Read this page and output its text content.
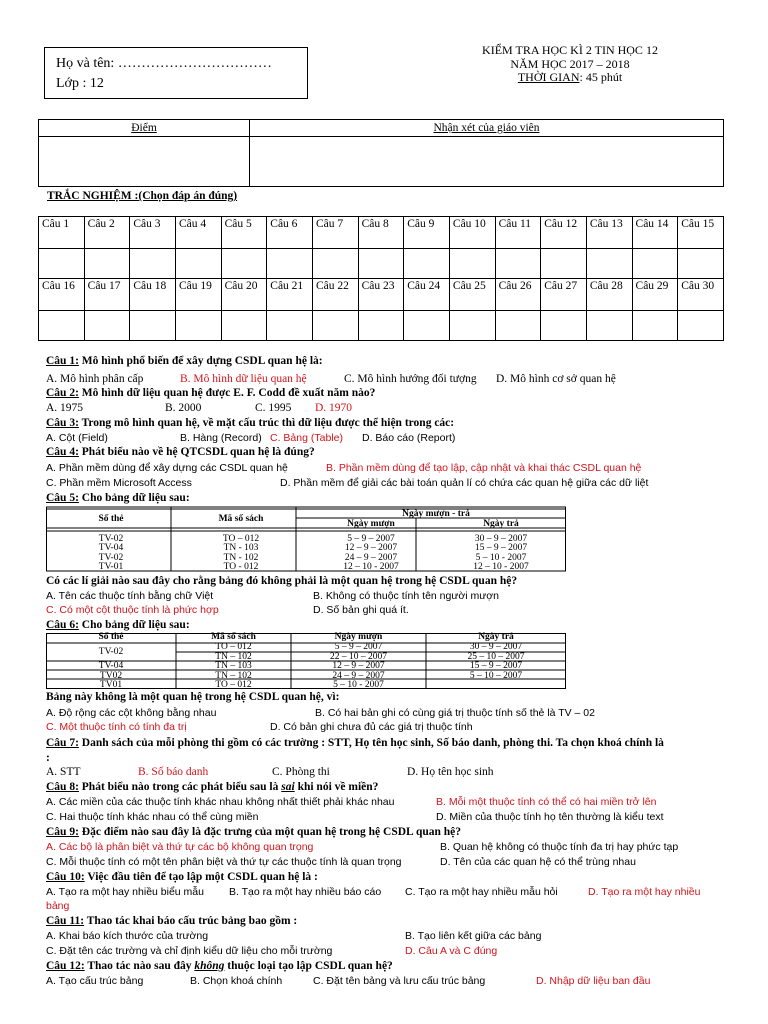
Họ và tên: ……………………………
Lớp : 12
KIỂM TRA HỌC KÌ 2 TIN HỌC 12
NĂM HỌC 2017 – 2018
THỜI GIAN: 45 phút
Điểm	Nhận xét của giáo viên

TRẮC NGHIỆM :(Chọn đáp án đúng)
Câu 1	Câu 2	Câu 3	Câu 4	Câu 5	Câu 6	Câu 7	Câu 8	Câu 9	Câu 10	Câu 11	Câu 12	Câu 13	Câu 14	Câu 15

Câu 16	Câu 17	Câu 18	Câu 19	Câu 20	Câu 21	Câu 22	Câu 23	Câu 24	Câu 25	Câu 26	Câu 27	Câu 28	Câu 29	Câu 30

Câu 1: Mô hình phổ biến để xây dựng CSDL quan hệ là:
A. Mô hình phân cấp	B. Mô hình dữ liệu quan hệ	C. Mô hình hướng đối tượng D. Mô hình cơ sở quan hệ
Câu 2: Mô hình dữ liệu quan hệ được E. F. Codd đề xuất năm nào?
A. 1975	B. 2000	C. 1995 D. 1970
Câu 3: Trong mô hình quan hệ, về mặt cấu trúc thì dữ liệu được thể hiện trong các:
A. Cột (Field)	B. Hàng (Record) C. Bảng (Table) D. Báo cáo (Report)
Câu 4: Phát biểu nào về hệ QTCSDL quan hệ là đúng?
A. Phần mềm dùng để xây dựng các CSDL quan hệ	B. Phần mềm dùng để tạo lập, cập nhật và khai thác CSDL quan hệ
C. Phần mềm Microsoft Access	D. Phần mềm để giải các bài toán quản lí có chứa các quan hệ giữa các dữ liệt
Câu 5: Cho bảng dữ liệu sau:

Số thẻ	Mã số sách	Ngày mượn - trả	
		Ngày mượn	Ngày trả

TV-02	TO – 012	5 – 9 – 2007	30 – 9 – 2007
TV-04	TN - 103	12 – 9 – 2007	15 – 9 – 2007
TV-02	TN - 102	24 – 9 – 2007	5 – 10 - 2007
TV-01	TO - 012	12 – 10 - 2007	12 – 10 - 2007
Có các lí giải nào sau đây cho rằng bảng đó không phải là một quan hệ trong hệ CSDL quan hệ?
A. Tên các thuộc tính bằng chữ Việt	B. Không có thuộc tính tên người mượn
C. Có một cột thuộc tính là phức hợp	D. Số bản ghi quá ít.
Câu 6: Cho bảng dữ liệu sau:
Số thẻ	Mã số sách	Ngày mượn	Ngày trả
TV-02	TO – 012	5 – 9 – 2007	30 – 9 – 2007
	TN – 102	22 – 10 – 2007	25 – 10 – 2007
TV-04	TN – 103	12 – 9 – 2007	15 – 9 – 2007
TV02	TN – 102	24 – 9 – 2007	5 – 10 – 2007
TV01	TO – 012	5 – 10 - 2007	
Bảng này không là một quan hệ trong hệ CSDL quan hệ, vì:
A. Độ rộng các cột không bằng nhau	B. Có hai bản ghi có cùng giá trị thuộc tính số thẻ là TV – 02
C. Một thuộc tính có tính đa trị	D. Có bản ghi chưa đủ các giá trị thuộc tính
Câu 7: Danh sách của mỗi phòng thi gồm có các trường : STT, Họ tên học sinh, Số báo danh, phòng thi. Ta chọn khoá chính là
:
A. STT	B. Số báo danh	C. Phòng thi	D. Họ tên học sinh
Câu 8: Phát biểu nào trong các phát biểu sau là sai khi nói về miền?
A. Các miền của các thuộc tính khác nhau không nhất thiết phải khác nhau	B. Mỗi một thuộc tính có thể có hai miền trở lên
C. Hai thuộc tính khác nhau có thể cùng miền	D. Miền của thuộc tính họ tên thường là kiểu text
Câu 9: Đặc điểm nào sau đây là đặc trưng của một quan hệ trong hệ CSDL quan hệ?
A. Các bộ là phân biệt và thứ tự các bộ không quan trọng	B. Quan hệ không có thuộc tính đa trị hay phức tạp
C. Mỗi thuộc tính có một tên phân biệt và thứ tự các thuộc tính là quan trọng	D. Tên của các quan hệ có thể trùng nhau
Câu 10: Việc đầu tiên để tạo lập một CSDL quan hệ là :
A. Tạo ra một hay nhiều biểu mẫu B. Tạo ra một hay nhiều báo cáo C. Tạo ra một hay nhiều mẫu hỏi	D. Tạo ra một hay nhiều
bảng
Câu 11: Thao tác khai báo cấu trúc bảng bao gồm :
A. Khai báo kích thước của trường	B. Tạo liên kết giữa các bảng
C. Đặt tên các trường và chỉ định kiểu dữ liệu cho mỗi trường	D. Câu A và C đúng
Câu 12: Thao tác nào sau đây không thuộc loại tạo lập CSDL quan hệ?
A. Tạo cấu trúc bảng	B. Chọn khoá chính	C. Đặt tên bảng và lưu cấu trúc bảng	D. Nhập dữ liệu ban đầu
